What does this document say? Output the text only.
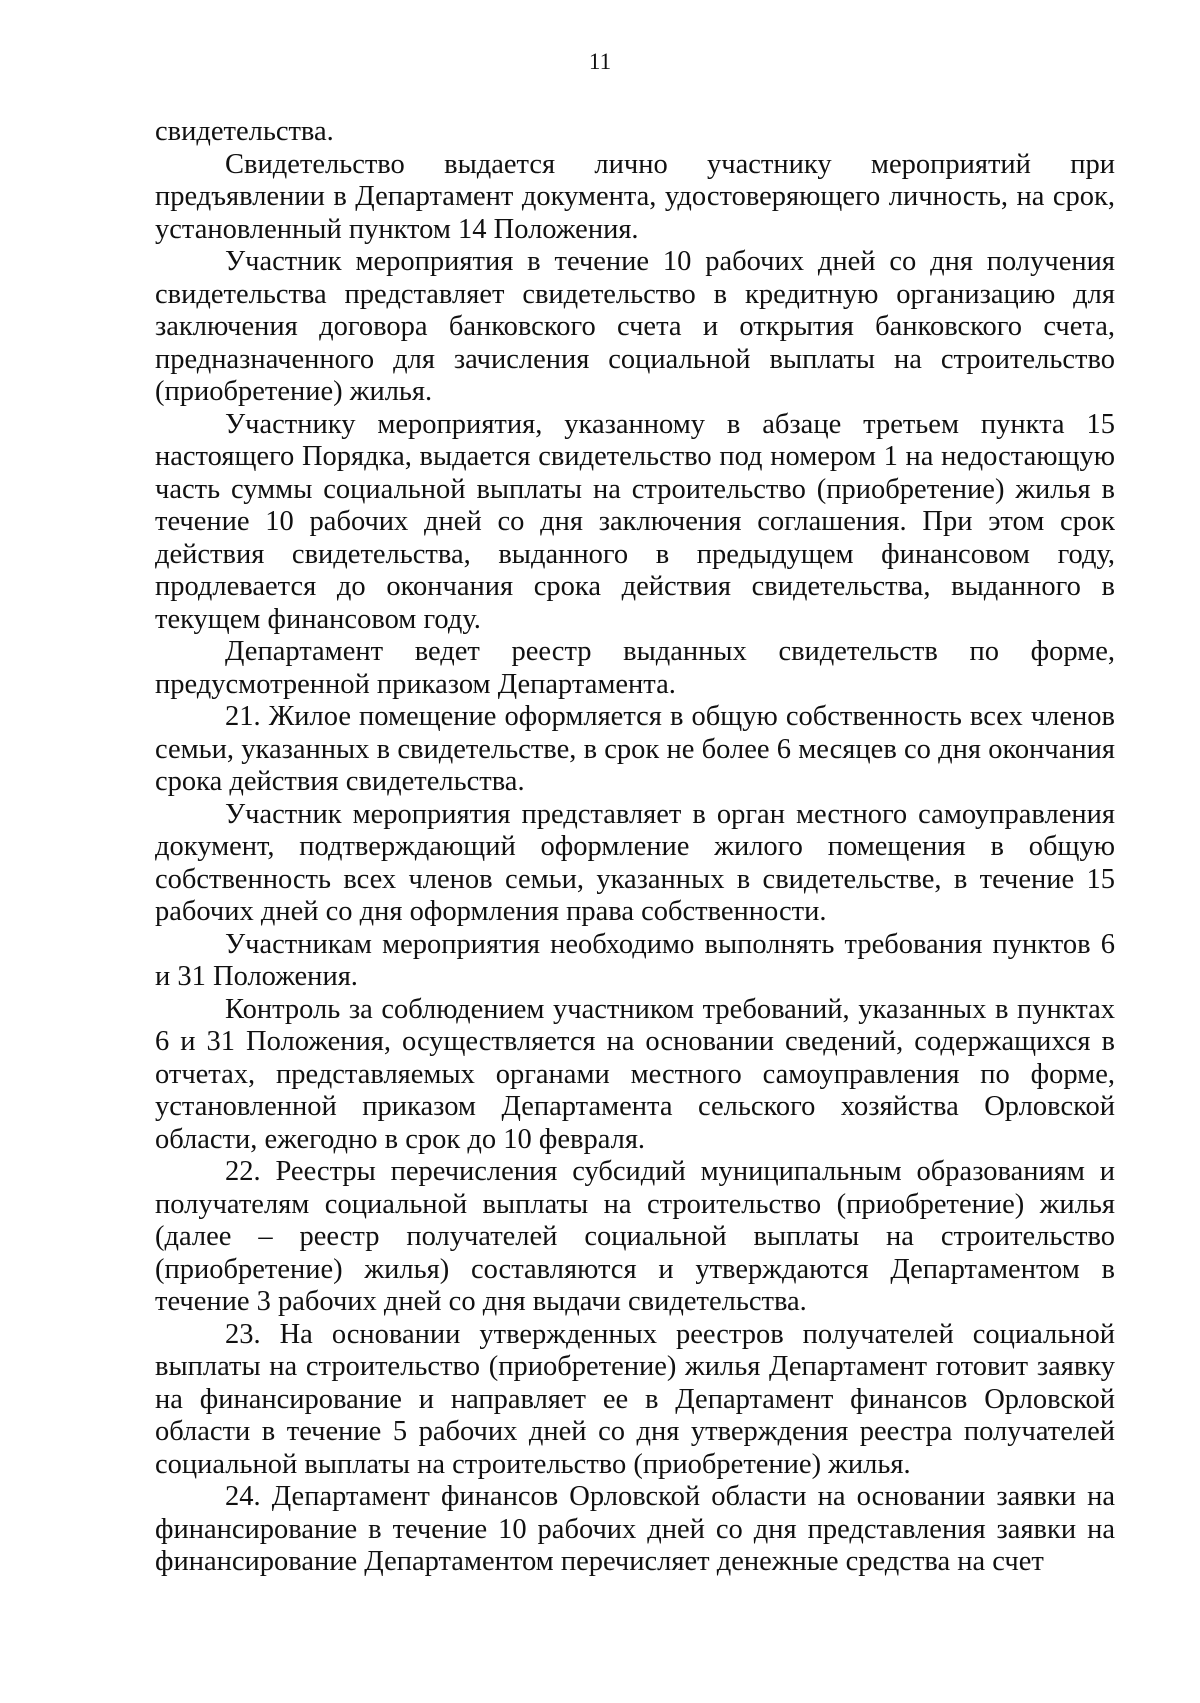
11

свидетельства.

Свидетельство выдается лично участнику мероприятий при предъявлении в Департамент документа, удостоверяющего личность, на срок, установленный пунктом 14 Положения.

Участник мероприятия в течение 10 рабочих дней со дня получения свидетельства представляет свидетельство в кредитную организацию для заключения договора банковского счета и открытия банковского счета, предназначенного для зачисления социальной выплаты на строительство (приобретение) жилья.

Участнику мероприятия, указанному в абзаце третьем пункта 15 настоящего Порядка, выдается свидетельство под номером 1 на недостающую часть суммы социальной выплаты на строительство (приобретение) жилья в течение 10 рабочих дней со дня заключения соглашения. При этом срок действия свидетельства, выданного в предыдущем финансовом году, продлевается до окончания срока действия свидетельства, выданного в текущем финансовом году.

Департамент ведет реестр выданных свидетельств по форме, предусмотренной приказом Департамента.

21. Жилое помещение оформляется в общую собственность всех членов семьи, указанных в свидетельстве, в срок не более 6 месяцев со дня окончания срока действия свидетельства.

Участник мероприятия представляет в орган местного самоуправления документ, подтверждающий оформление жилого помещения в общую собственность всех членов семьи, указанных в свидетельстве, в течение 15 рабочих дней со дня оформления права собственности.

Участникам мероприятия необходимо выполнять требования пунктов 6 и 31 Положения.

Контроль за соблюдением участником требований, указанных в пунктах 6 и 31 Положения, осуществляется на основании сведений, содержащихся в отчетах, представляемых органами местного самоуправления по форме, установленной приказом Департамента сельского хозяйства Орловской области, ежегодно в срок до 10 февраля.

22. Реестры перечисления субсидий муниципальным образованиям и получателям социальной выплаты на строительство (приобретение) жилья (далее – реестр получателей социальной выплаты на строительство (приобретение) жилья) составляются и утверждаются Департаментом в течение 3 рабочих дней со дня выдачи свидетельства.

23. На основании утвержденных реестров получателей социальной выплаты на строительство (приобретение) жилья Департамент готовит заявку на финансирование и направляет ее в Департамент финансов Орловской области в течение 5 рабочих дней со дня утверждения реестра получателей социальной выплаты на строительство (приобретение) жилья.

24. Департамент финансов Орловской области на основании заявки на финансирование в течение 10 рабочих дней со дня представления заявки на финансирование Департаментом перечисляет денежные средства на счет
